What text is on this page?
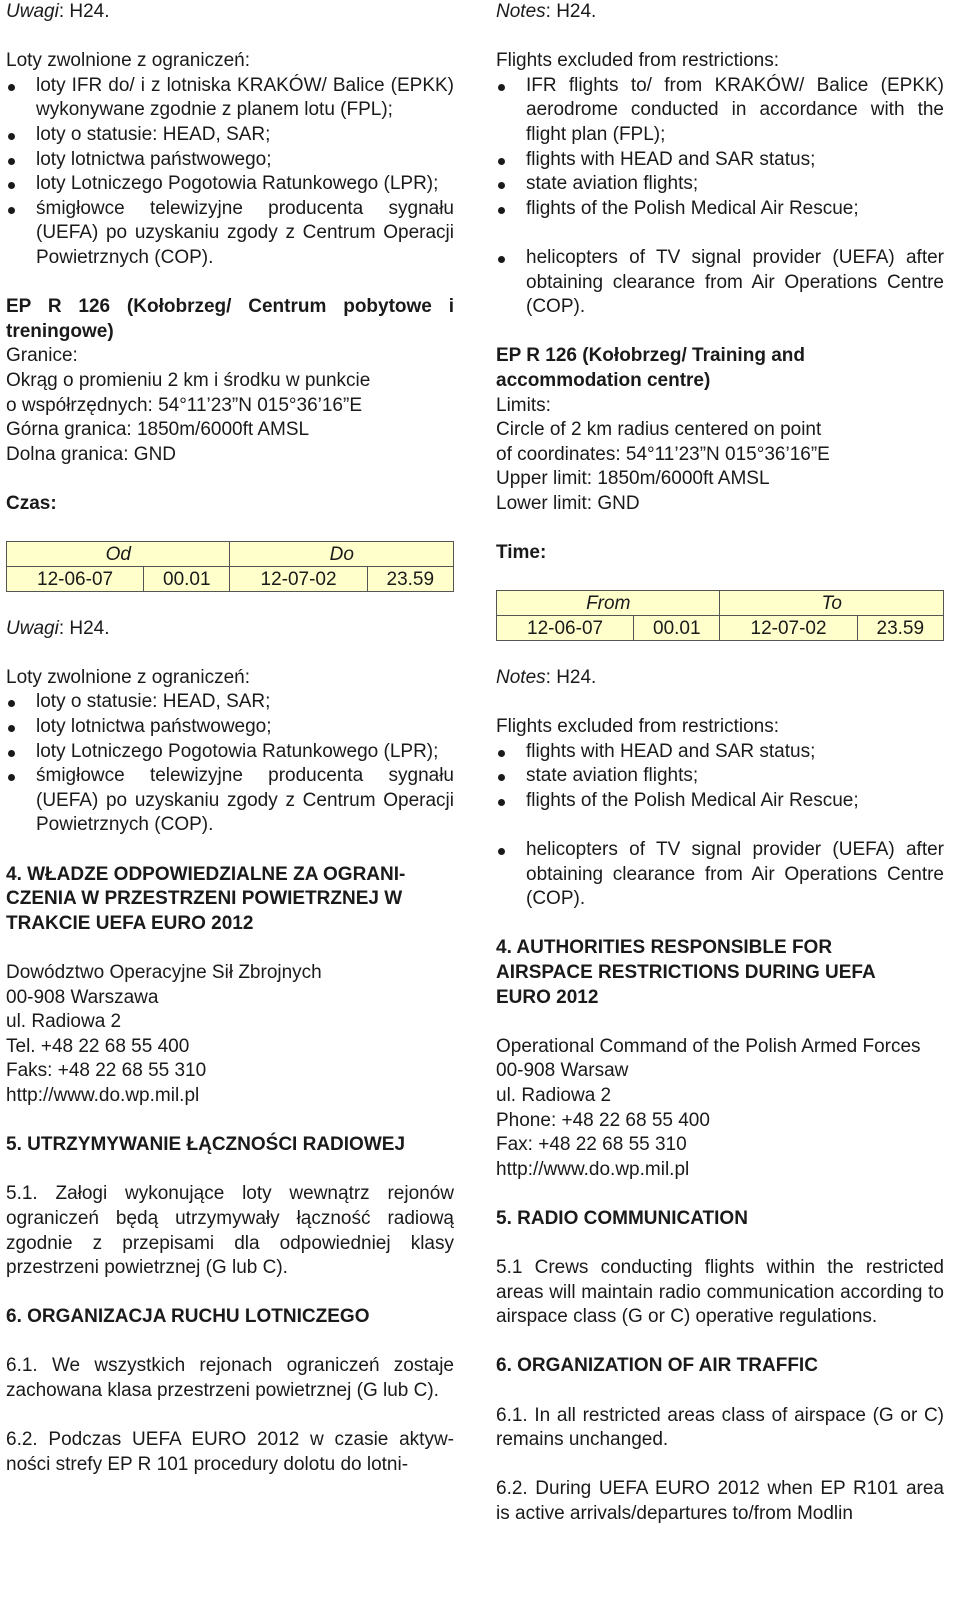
Uwagi: H24.

Loty zwolnione z ograniczeń:

loty IFR do/ i z lotniska KRAKÓW/ Balice (EPKK) wykonywane zgodnie z planem lotu (FPL);
loty o statusie: HEAD, SAR;
loty lotnictwa państwowego;
loty Lotniczego Pogotowia Ratunkowego (LPR);
śmigłowce telewizyjne producenta sygnału (UEFA) po uzyskaniu zgody z Centrum Operacji Powietrznych (COP).

EP R 126 (Kołobrzeg/ Centrum pobytowe i treningowe)

Granice:

Okrąg o promieniu 2 km i środku w punkcie

o współrzędnych: 54°11’23”N 015°36’16”E

Górna granica: 1850m/6000ft AMSL

Dolna granica: GND

Czas:

Od		Do	
12-06-07	00.01	12-07-02	23.59

Uwagi: H24.

Loty zwolnione z ograniczeń:

loty o statusie: HEAD, SAR;
loty lotnictwa państwowego;
loty Lotniczego Pogotowia Ratunkowego (LPR);
śmigłowce telewizyjne producenta sygnału (UEFA) po uzyskaniu zgody z Centrum Operacji Powietrznych (COP).

4. WŁADZE ODPOWIEDZIALNE ZA OGRANI-
CZENIA W PRZESTRZENI POWIETRZNEJ W
TRAKCIE UEFA EURO 2012

Dowództwo Operacyjne Sił Zbrojnych

00-908 Warszawa

ul. Radiowa 2

Tel. +48 22 68 55 400

Faks: +48 22 68 55 310

http://www.do.wp.mil.pl

5. UTRZYMYWANIE ŁĄCZNOŚCI RADIOWEJ

5.1. Załogi wykonujące loty wewnątrz rejonów ograniczeń będą utrzymywały łączność radiową zgodnie z przepisami dla odpowiedniej klasy przestrzeni powietrznej (G lub C).

6. ORGANIZACJA RUCHU LOTNICZEGO

6.1. We wszystkich rejonach ograniczeń zostaje zachowana klasa przestrzeni powietrznej (G lub C).

6.2. Podczas UEFA EURO 2012 w czasie aktyw-ności strefy EP R 101 procedury dolotu do lotni-

Notes: H24.

Flights excluded from restrictions:

IFR flights to/ from KRAKÓW/ Balice (EPKK) aerodrome conducted in accordance with the flight plan (FPL);
flights with HEAD and SAR status;
state aviation flights;
flights of the Polish Medical Air Rescue;

helicopters of TV signal provider (UEFA) after obtaining clearance from Air Operations Centre (COP).

EP R 126 (Kołobrzeg/ Training and accommodation centre)

Limits:

Circle of 2 km radius centered on point

of coordinates: 54°11’23”N 015°36’16”E

Upper limit: 1850m/6000ft AMSL

Lower limit: GND

Time:

From		To	
12-06-07	00.01	12-07-02	23.59

Notes: H24.

Flights excluded from restrictions:

flights with HEAD and SAR status;
state aviation flights;
flights of the Polish Medical Air Rescue;

helicopters of TV signal provider (UEFA) after obtaining clearance from Air Operations Centre (COP).

4. AUTHORITIES RESPONSIBLE FOR
AIRSPACE RESTRICTIONS DURING UEFA
EURO 2012

Operational Command of the Polish Armed Forces

00-908 Warsaw

ul. Radiowa 2

Phone: +48 22 68 55 400

Fax: +48 22 68 55 310

http://www.do.wp.mil.pl

5. RADIO COMMUNICATION

5.1 Crews conducting flights within the restricted areas will maintain radio communication according to airspace class (G or C) operative regulations.

6. ORGANIZATION OF AIR TRAFFIC

6.1. In all restricted areas class of airspace (G or C) remains unchanged.

6.2. During UEFA EURO 2012 when EP R101 area is active arrivals/departures to/from Modlin
